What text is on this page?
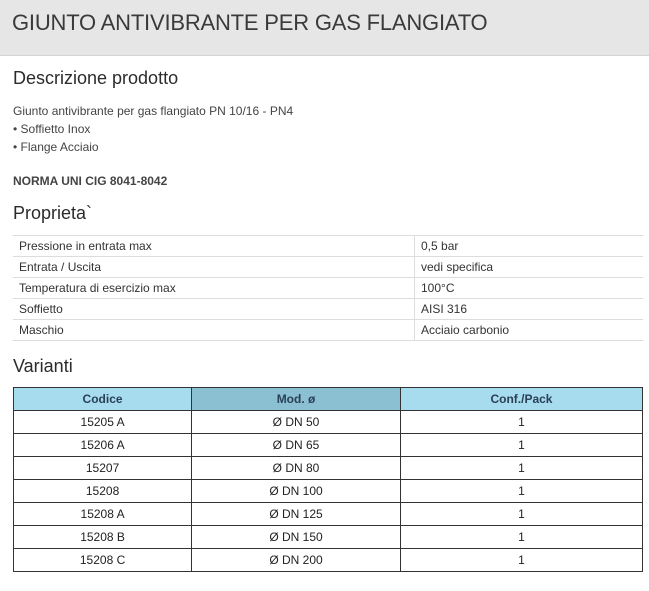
GIUNTO ANTIVIBRANTE PER GAS FLANGIATO
Descrizione prodotto
Giunto antivibrante per gas flangiato PN 10/16 - PN4
• Soffietto Inox
• Flange Acciaio
NORMA UNI CIG 8041-8042
Proprieta`
Pressione in entrata max	0,5 bar
Entrata / Uscita	vedi specifica
Temperatura di esercizio max	100°C
Soffietto	AISI 316
Maschio	Acciaio carbonio
Varianti
Codice	Mod. ø	Conf./Pack
15205 A	Ø DN 50	1
15206 A	Ø DN 65	1
15207	Ø DN 80	1
15208	Ø DN 100	1
15208 A	Ø DN 125	1
15208 B	Ø DN 150	1
15208 C	Ø DN 200	1
